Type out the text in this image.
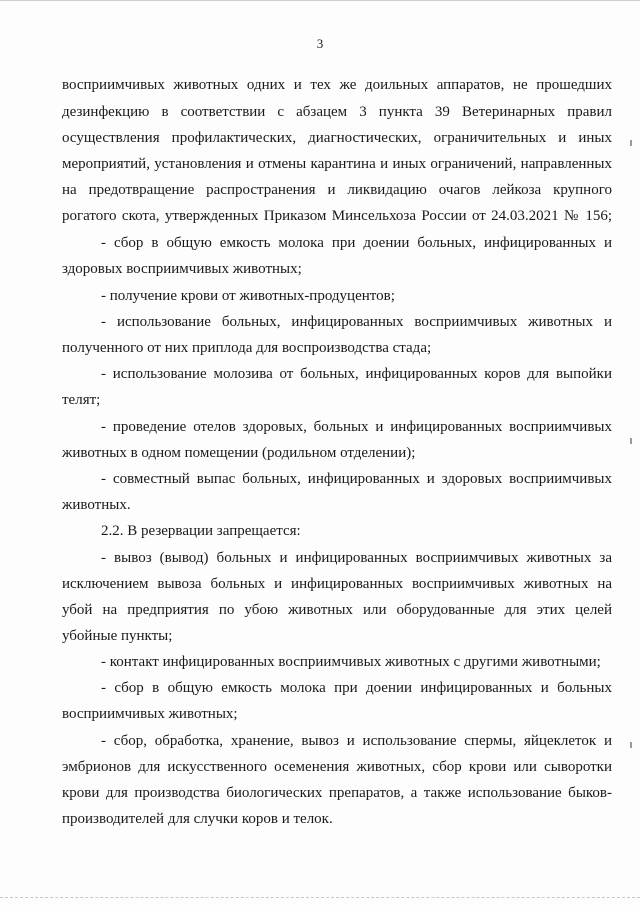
3
восприимчивых животных одних и тех же доильных аппаратов, не прошедших
дезинфекцию в соответствии с абзацем 3 пункта 39 Ветеринарных правил
осуществления профилактических, диагностических, ограничительных и иных
мероприятий, установления и отмены карантина и иных ограничений, направленных
на предотвращение распространения и ликвидацию очагов лейкоза крупного
рогатого скота, утвержденных Приказом Минсельхоза России от 24.03.2021 № 156;
- сбор в общую емкость молока при доении больных, инфицированных и
здоровых восприимчивых животных;
- получение крови от животных-продуцентов;
- использование больных, инфицированных восприимчивых животных и
полученного от них приплода для воспроизводства стада;
- использование молозива от больных, инфицированных коров для выпойки
телят;
- проведение отелов здоровых, больных и инфицированных восприимчивых
животных в одном помещении (родильном отделении);
- совместный выпас больных, инфицированных и здоровых восприимчивых
животных.
2.2. В резервации запрещается:
- вывоз (вывод) больных и инфицированных восприимчивых животных за
исключением вывоза больных и инфицированных восприимчивых животных на
убой на предприятия по убою животных или оборудованные для этих целей
убойные пункты;
- контакт инфицированных восприимчивых животных с другими животными;
- сбор в общую емкость молока при доении инфицированных и больных
восприимчивых животных;
- сбор, обработка, хранение, вывоз и использование спермы, яйцеклеток и
эмбрионов для искусственного осеменения животных, сбор крови или сыворотки
крови для производства биологических препаратов, а также использование быков-
производителей для случки коров и телок.
